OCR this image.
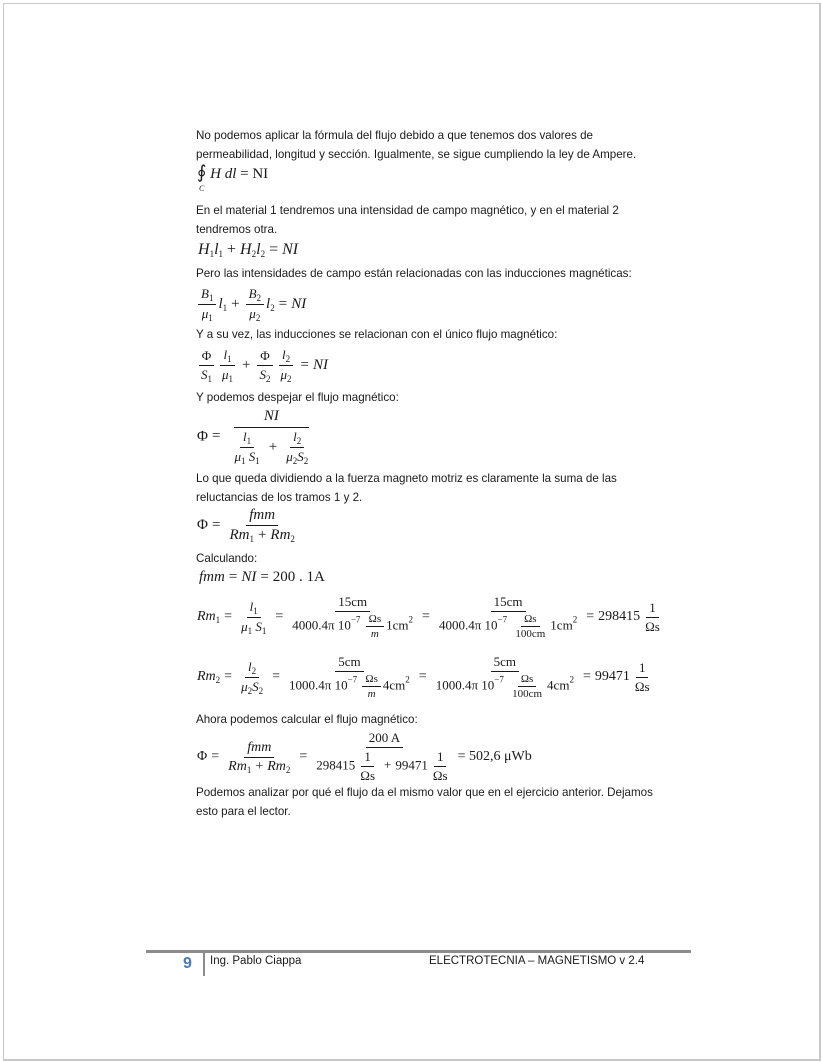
No podemos aplicar la fórmula del flujo debido a que tenemos dos valores de permeabilidad, longitud y sección. Igualmente, se sigue cumpliendo la ley de Ampere.
∮ H dl = NI
C
En el material 1 tendremos una intensidad de campo magnético, y en el material 2 tendremos otra.
$H_1l_1 + H_2l_2$ = NI
Pero las intensidades de campo están relacionadas con las inducciones magnéticas:
$\frac{B_1}{\mu_1} l_1 + \frac{B_2}{\mu_2} l_2$ = NI
Y a su vez, las inducciones se relacionan con el único flujo magnético:
$\frac{\Phi}{S_1} \frac{l_1}{\mu_1} + \frac{\Phi}{S_2} \frac{l_2}{\mu_2}$ = NI
Y podemos despejar el flujo magnético:
$\Phi = \frac{NI}{\frac{l_1}{\mu_1 S_1} + \frac{l_2}{\mu_2S_2}}$
Lo que queda dividiendo a la fuerza magneto motriz es claramente la suma de las reluctancias de los tramos 1 y 2.
$\Phi = \frac{\text{fmm}}{Rm_1 + Rm_2}$
Calculando:
fmm = NI = 200 . 1A
$Rm_1 = \frac{l_1}{\mu_1 S_1} = \frac{15cm}{4000.4\pi 10^{-7} \frac{\Omega s}{m} 1cm^2} = \frac{15cm}{4000.4\pi 10^{-7} \frac{\Omega s}{100cm} 1cm^2} = 298415 \frac{1}{\Omega s}$
$Rm_2 = \frac{l_2}{\mu_2S_2} = \frac{5cm}{1000.4\pi 10^{-7} \frac{\Omega s}{m} 4cm^2} = \frac{5cm}{1000.4\pi 10^{-7} \frac{\Omega s}{100cm} 4cm^2} = 99471 \frac{1}{\Omega s}$
Ahora podemos calcular el flujo magnético:
$\Phi = \frac{\text{fmm}}{Rm_1 + Rm_2} = \frac{200 A}{298415 \frac{1}{\Omega s} + 99471 \frac{1}{\Omega s}} = 502,6$ μWb
Podemos analizar por qué el flujo da el mismo valor que en el ejercicio anterior. Dejamos esto para el lector.
9 Ing. Pablo Ciappa	ELECTROTECNIA – MAGNETISMO v 2.4
